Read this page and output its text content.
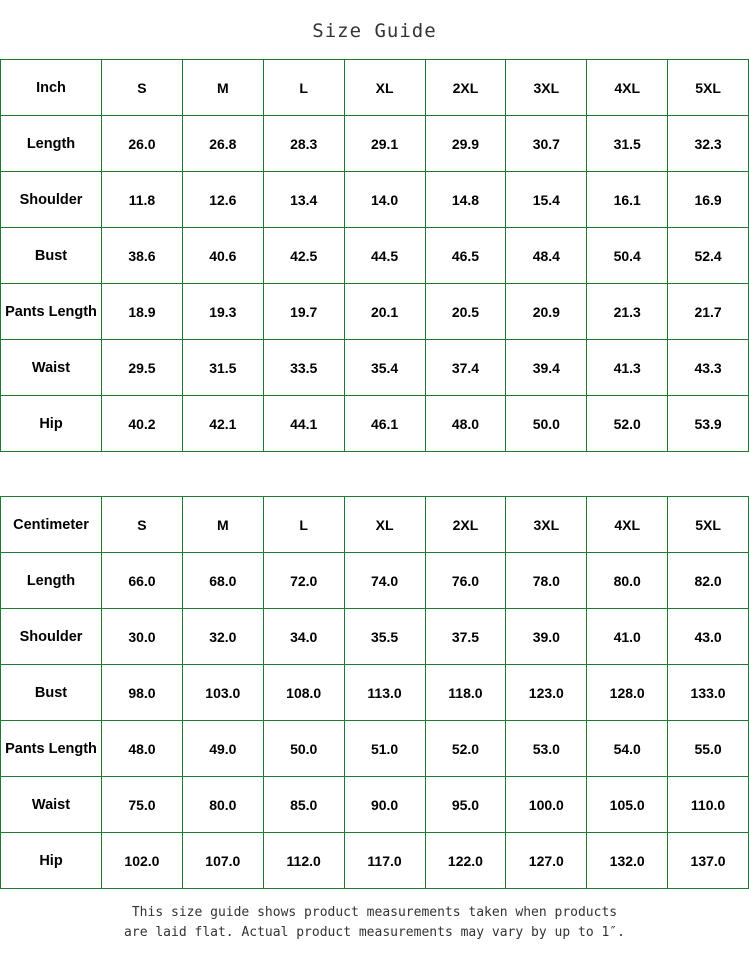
Size Guide
Inch	S	M	L	XL	2XL	3XL	4XL	5XL
Length	26.0	26.8	28.3	29.1	29.9	30.7	31.5	32.3
Shoulder	11.8	12.6	13.4	14.0	14.8	15.4	16.1	16.9
Bust	38.6	40.6	42.5	44.5	46.5	48.4	50.4	52.4
Pants Length	18.9	19.3	19.7	20.1	20.5	20.9	21.3	21.7
Waist	29.5	31.5	33.5	35.4	37.4	39.4	41.3	43.3
Hip	40.2	42.1	44.1	46.1	48.0	50.0	52.0	53.9
Centimeter	S	M	L	XL	2XL	3XL	4XL	5XL
Length	66.0	68.0	72.0	74.0	76.0	78.0	80.0	82.0
Shoulder	30.0	32.0	34.0	35.5	37.5	39.0	41.0	43.0
Bust	98.0	103.0	108.0	113.0	118.0	123.0	128.0	133.0
Pants Length	48.0	49.0	50.0	51.0	52.0	53.0	54.0	55.0
Waist	75.0	80.0	85.0	90.0	95.0	100.0	105.0	110.0
Hip	102.0	107.0	112.0	117.0	122.0	127.0	132.0	137.0
This size guide shows product measurements taken when products
are laid flat. Actual product measurements may vary by up to 1″.
